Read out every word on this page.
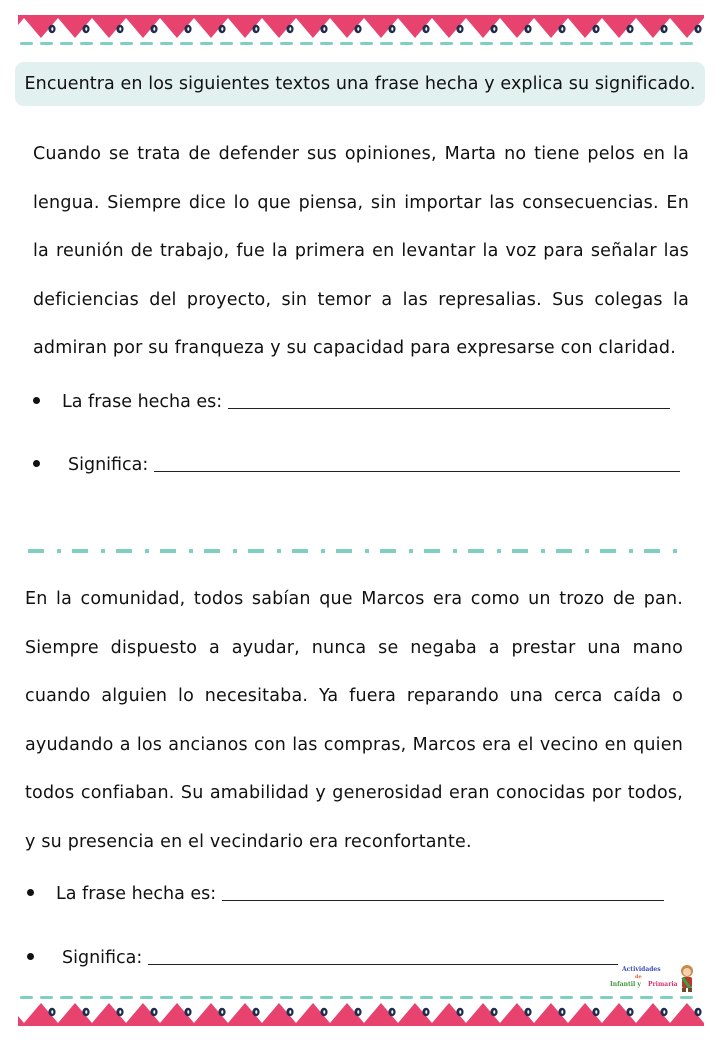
Encuentra en los siguientes textos una frase hecha y explica su significado.
Cuando se trata de defender sus opiniones, Marta no tiene pelos en la lengua. Siempre dice lo que piensa, sin importar las consecuencias. En la reunión de trabajo, fue la primera en levantar la voz para señalar las deficiencias del proyecto, sin temor a las represalias. Sus colegas la admiran por su franqueza y su capacidad para expresarse con claridad.
La frase hecha es:
Significa:
En la comunidad, todos sabían que Marcos era como un trozo de pan. Siempre dispuesto a ayudar, nunca se negaba a prestar una mano cuando alguien lo necesitaba. Ya fuera reparando una cerca caída o ayudando a los ancianos con las compras, Marcos era el vecino en quien todos confiaban. Su amabilidad y generosidad eran conocidas por todos, y su presencia en el vecindario era reconfortante.
La frase hecha es:
Significa:
Actividades
de
Infantil y Primaria
